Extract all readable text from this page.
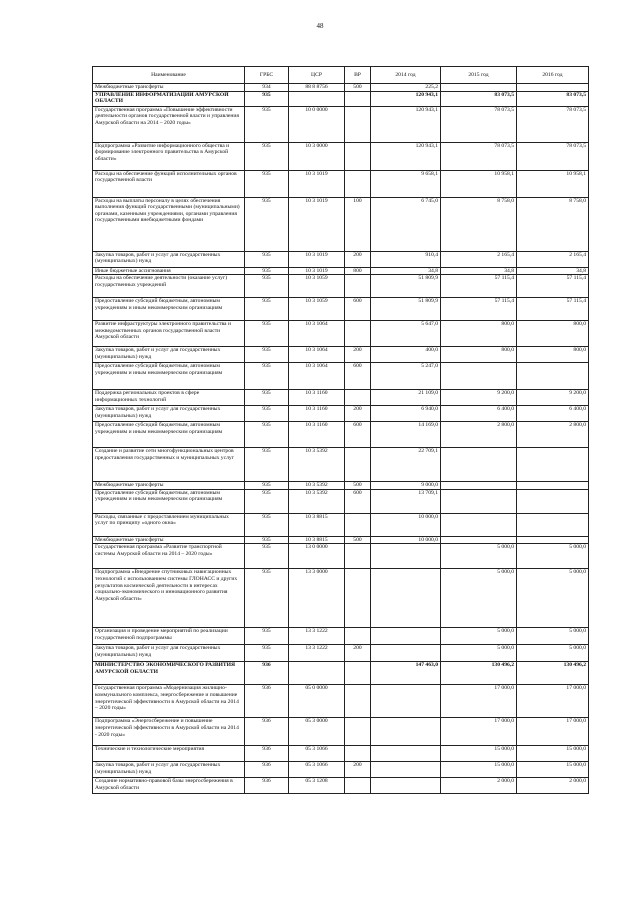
48
Наименование	ГРБС	ЦСР	ВР	2014 год	2015 год	2016 год
Межбюджетные трансферты	934	88 8 8756	500	225,2		
УПРАВЛЕНИЕ ИНФОРМАТИЗАЦИИ АМУРСКОЙ ОБЛАСТИ	935			120 943,1	83 073,5	83 073,5
Государственная программа «Повышение эффективности деятельности органов государственной власти и управления Амурской области на 2014 – 2020 годы»	935	10 0 0000		120 943,1	78 073,5	78 073,5
Подпрограмма «Развитие информационного общества и формирование электронного правительства в Амурской области»	935	10 3 0000		120 943,1	78 073,5	78 073,5
Расходы на обеспечение функций исполнительных органов государственной власти	935	10 3 1019		9 658,1	10 958,1	10 958,1
Расходы на выплаты персоналу в целях обеспечения выполнения функций государственными (муниципальными) органами, казенными учреждениями, органами управления государственными внебюджетными фондами	935	10 3 1019	100	6 745,0	8 758,0	8 758,0
Закупка товаров, работ и услуг для государственных (муниципальных) нужд	935	10 3 1019	200	910,4	2 165,4	2 165,4
Иные бюджетные ассигнования	935	10 3 1019	800	34,8	34,8	34,8
Расходы на обеспечение деятельности (оказание услуг) государственных учреждений	935	10 3 1059		51 809,9	57 115,4	57 115,4
Предоставление субсидий бюджетным, автономным учреждениям и иным некоммерческим организациям	935	10 3 1059	600	51 809,9	57 115,4	57 115,4
Развитие инфраструктуры электронного правительства и межведомственных органов государственной власти Амурской области	935	10 3 1064		5 647,0	800,0	800,0
Закупка товаров, работ и услуг для государственных (муниципальных) нужд	935	10 3 1064	200	400,0	800,0	800,0
Предоставление субсидий бюджетным, автономным учреждениям и иным некоммерческим организациям	935	10 3 1064	600	5 247,0		
Поддержка региональных проектов в сфере информационных технологий	935	10 3 1160		21 109,0	9 200,0	9 200,0
Закупка товаров, работ и услуг для государственных (муниципальных) нужд	935	10 3 1160	200	6 940,0	6 400,0	6 400,0
Предоставление субсидий бюджетным, автономным учреждениям и иным некоммерческим организациям	935	10 3 1160	600	14 169,0	2 800,0	2 800,0
Создание и развитие сети многофункциональных центров предоставления государственных и муниципальных услуг	935	10 3 5392		22 709,1		
Межбюджетные трансферты	935	10 3 5392	500	9 000,0		
Предоставление субсидий бюджетным, автономным учреждениям и иным некоммерческим организациям	935	10 3 5392	600	13 709,1		
Расходы, связанные с предоставлением муниципальных услуг по принципу «одного окна»	935	10 3 8815		10 000,0		
Межбюджетные трансферты	935	10 3 8815	500	10 000,0		
Государственная программа «Развитие транспортной системы Амурской области на 2014 – 2020 годы»	935	13 0 0000			5 000,0	5 000,0
Подпрограмма «Внедрение спутниковых навигационных технологий с использованием системы ГЛОНАСС и других результатов космической деятельности в интересах социально-экономического и инновационного развития Амурской области»	935	13 3 0000			5 000,0	5 000,0
Организация и проведение мероприятий по реализации государственной подпрограммы	935	13 3 1222			5 000,0	5 000,0
Закупка товаров, работ и услуг для государственных (муниципальных) нужд	935	13 3 1222	200		5 000,0	5 000,0
МИНИСТЕРСТВО ЭКОНОМИЧЕСКОГО РАЗВИТИЯ АМУРСКОЙ ОБЛАСТИ	936			147 463,0	130 496,2	130 496,2
Государственная программа «Модернизация жилищно-коммунального комплекса, энергосбережение и повышение энергетической эффективности в Амурской области на 2014 – 2020 годы»	936	05 0 0000			17 000,0	17 000,0
Подпрограмма «Энергосбережение и повышение энергетической эффективности в Амурской области на 2014 - 2020 годы»	936	05 3 0000			17 000,0	17 000,0
Технические и технологические мероприятия	936	05 3 1066			15 000,0	15 000,0
Закупка товаров, работ и услуг для государственных (муниципальных) нужд	936	05 3 1066	200		15 000,0	15 000,0
Создание нормативно-правовой базы энергосбережения в Амурской области	936	05 3 1208			2 000,0	2 000,0
